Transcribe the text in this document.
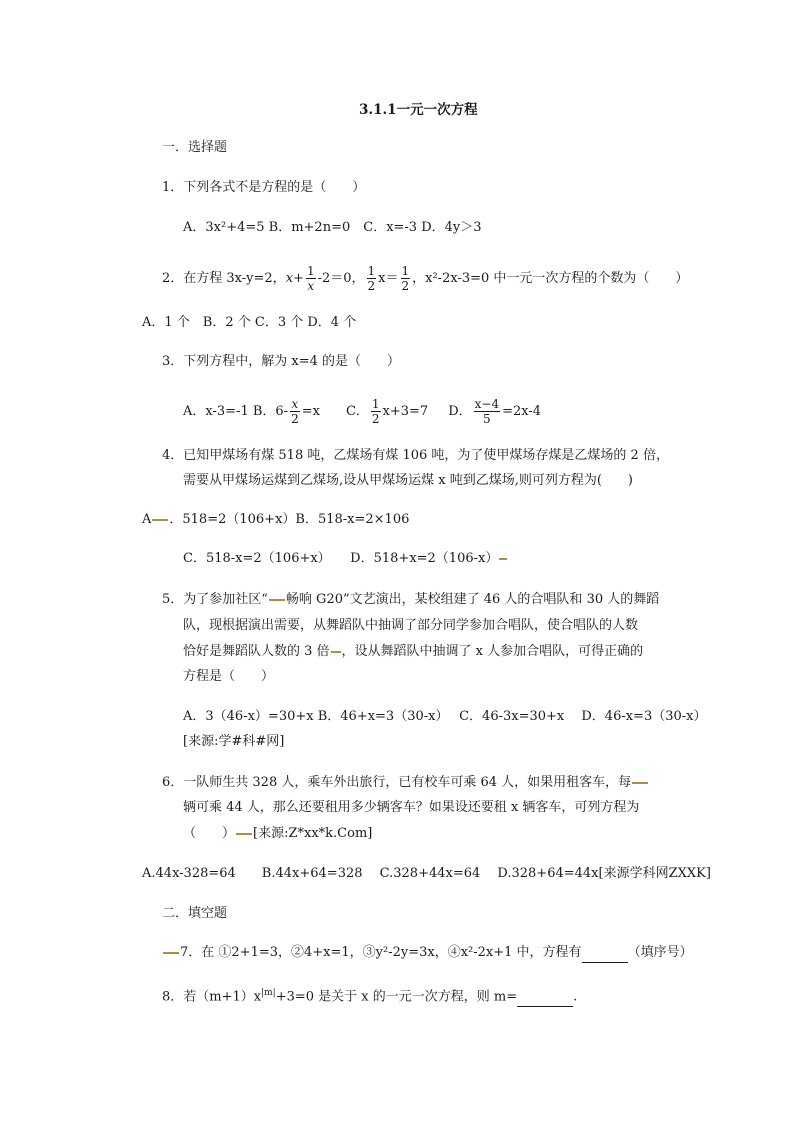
3.1.1一元一次方程
一．选择题
1．下列各式不是方程的是（　　）
A．3x²+4=5 B．m+2n=0　C．x=-3 D．4y＞3
2．在方程 3x-y=2，$x+ \frac{1}{x} -2=0$， $\frac{1}{2} x= \frac{1}{2}$ ，x²-2x-3=0 中一元一次方程的个数为（　　）
A．1 个　B．2 个 C．3 个 D．4 个
3．下列方程中，解为 x=4 的是（　　）
A．x-3=-1 B．$6- \frac{x}{2} =x$ C． $\frac{1}{2} x+3=7$ D． $\frac{x-4}{5} =2x-4$
4．已知甲煤场有煤 518 吨，乙煤场有煤 106 吨，为了使甲煤场存煤是乙煤场的 2 倍，
需要从甲煤场运煤到乙煤场,设从甲煤场运煤 x 吨到乙煤场,则可列方程为(　　)
A ．518=2（106+x）B．518-x=2×106
C．518-x=2（106+x）　　D．518+x=2（106-x）
5．为了参加社区“ 畅响 G20”文艺演出，某校组建了 46 人的合唱队和 30 人的舞蹈
队，现根据演出需要，从舞蹈队中抽调了部分同学参加合唱队，使合唱队的人数
恰好是舞蹈队人数的 3 倍 ，设从舞蹈队中抽调了 x 人参加合唱队，可得正确的
方程是（　　）
A．3（46-x）=30+x B．46+x=3（30-x）　 C．46-3x=30+x　 D．46-x=3（30-x）
[来源:学#科#网]
6．一队师生共 328 人，乘车外出旅行，已有校车可乘 64 人，如果用租客车，每
辆可乘 44 人，那么还要租用多少辆客车？如果设还要租 x 辆客车，可列方程为
（　　） [来源:Z*xx*k.Com]
A.44x-328=64　　B.44x+64=328　 C.328+44x=64　 D.328+64=44x[来源学科网ZXXK]
二．填空题
7．在 ①2+1=3，②4+x=1，③y²-2y=3x，④x²-2x+1 中，方程有	（填序号）
8．若$(m+1)x^{|m|}+3=0$ 是关于 x 的一元一次方程，则 m=	.
